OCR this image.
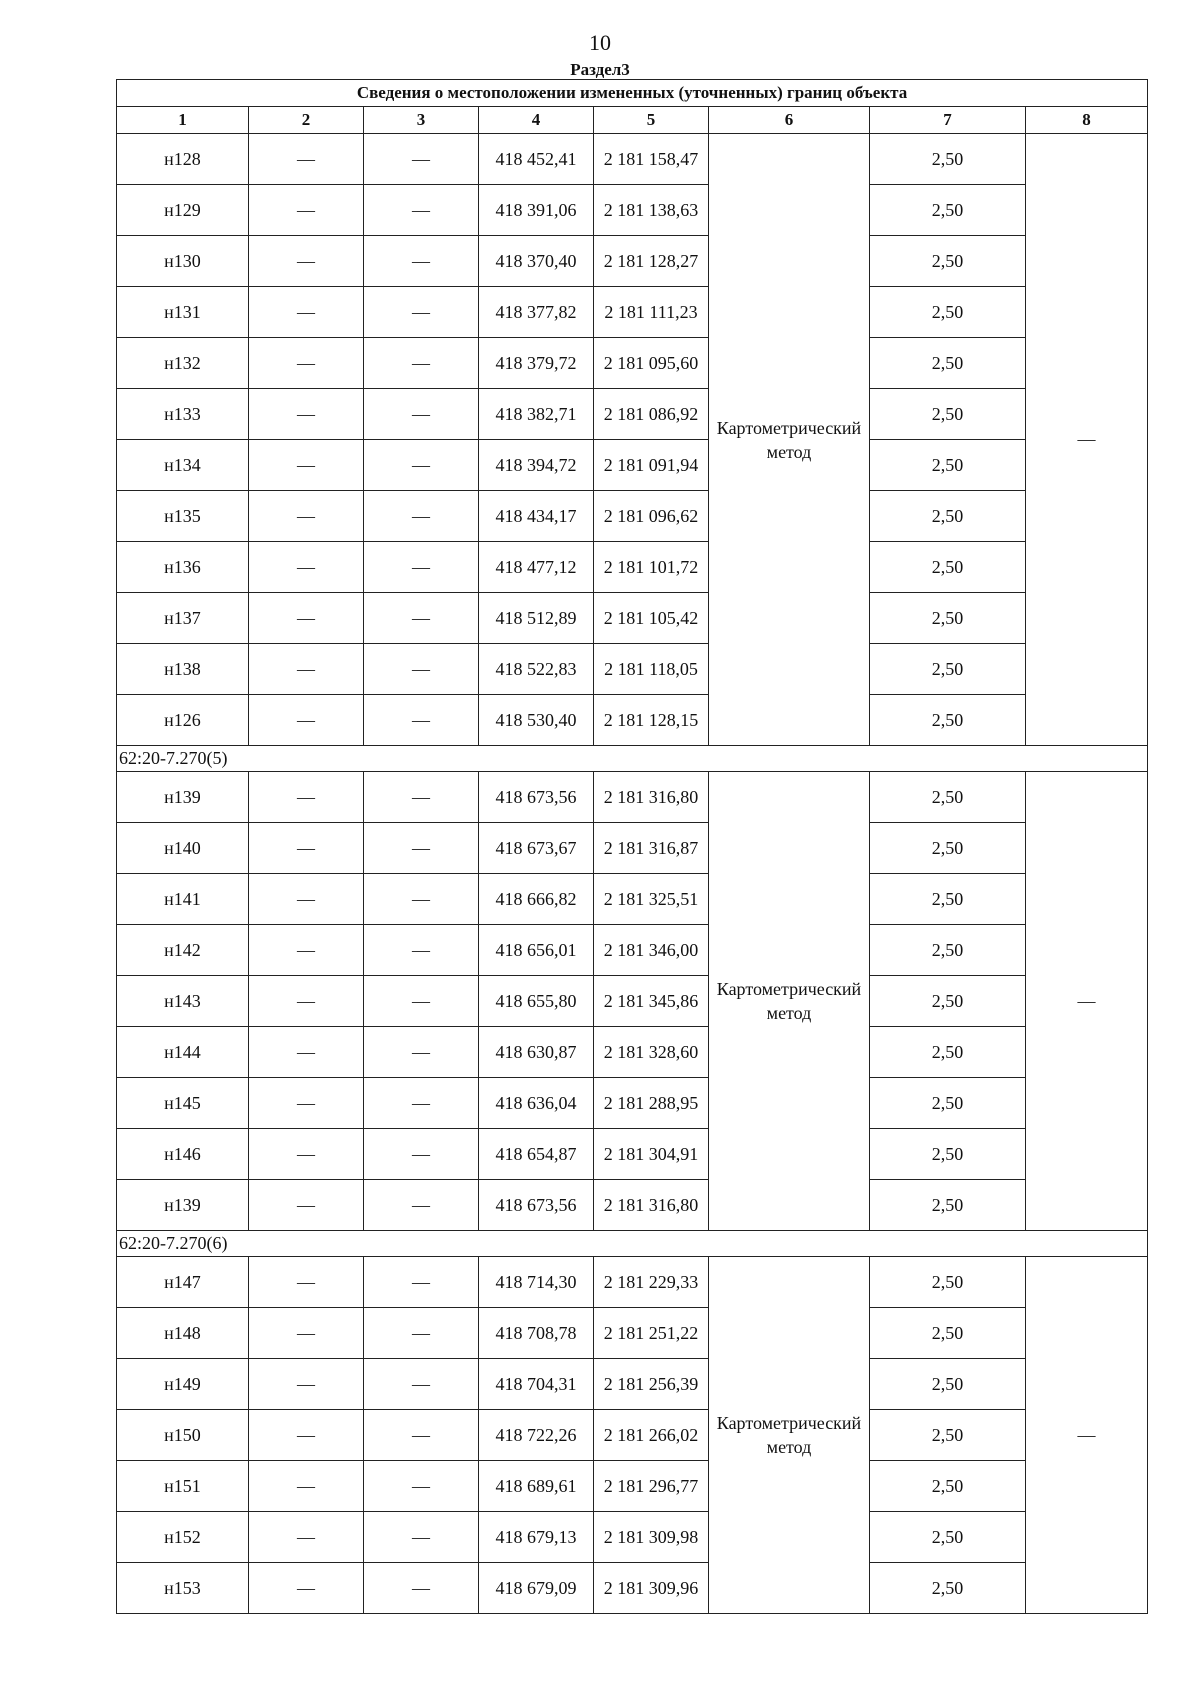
10
Раздел3
Сведения о местоположении измененных (уточненных) границ объекта							
1	2	3	4	5	6	7	8
н128	—	—	418 452,41	2 181 158,47	Картометрический метод	2,50	—
н129	—	—	418 391,06	2 181 138,63		2,50	
н130	—	—	418 370,40	2 181 128,27		2,50	
н131	—	—	418 377,82	2 181 111,23		2,50	
н132	—	—	418 379,72	2 181 095,60		2,50	
н133	—	—	418 382,71	2 181 086,92		2,50	
н134	—	—	418 394,72	2 181 091,94		2,50	
н135	—	—	418 434,17	2 181 096,62		2,50	
н136	—	—	418 477,12	2 181 101,72		2,50	
н137	—	—	418 512,89	2 181 105,42		2,50	
н138	—	—	418 522,83	2 181 118,05		2,50	
н126	—	—	418 530,40	2 181 128,15		2,50	
62:20-7.270(5)							
н139	—	—	418 673,56	2 181 316,80	Картометрический метод	2,50	—
н140	—	—	418 673,67	2 181 316,87		2,50	
н141	—	—	418 666,82	2 181 325,51		2,50	
н142	—	—	418 656,01	2 181 346,00		2,50	
н143	—	—	418 655,80	2 181 345,86		2,50	
н144	—	—	418 630,87	2 181 328,60		2,50	
н145	—	—	418 636,04	2 181 288,95		2,50	
н146	—	—	418 654,87	2 181 304,91		2,50	
н139	—	—	418 673,56	2 181 316,80		2,50	
62:20-7.270(6)							
н147	—	—	418 714,30	2 181 229,33	Картометрический метод	2,50	—
н148	—	—	418 708,78	2 181 251,22		2,50	
н149	—	—	418 704,31	2 181 256,39		2,50	
н150	—	—	418 722,26	2 181 266,02		2,50	
н151	—	—	418 689,61	2 181 296,77		2,50	
н152	—	—	418 679,13	2 181 309,98		2,50	
н153	—	—	418 679,09	2 181 309,96		2,50	
